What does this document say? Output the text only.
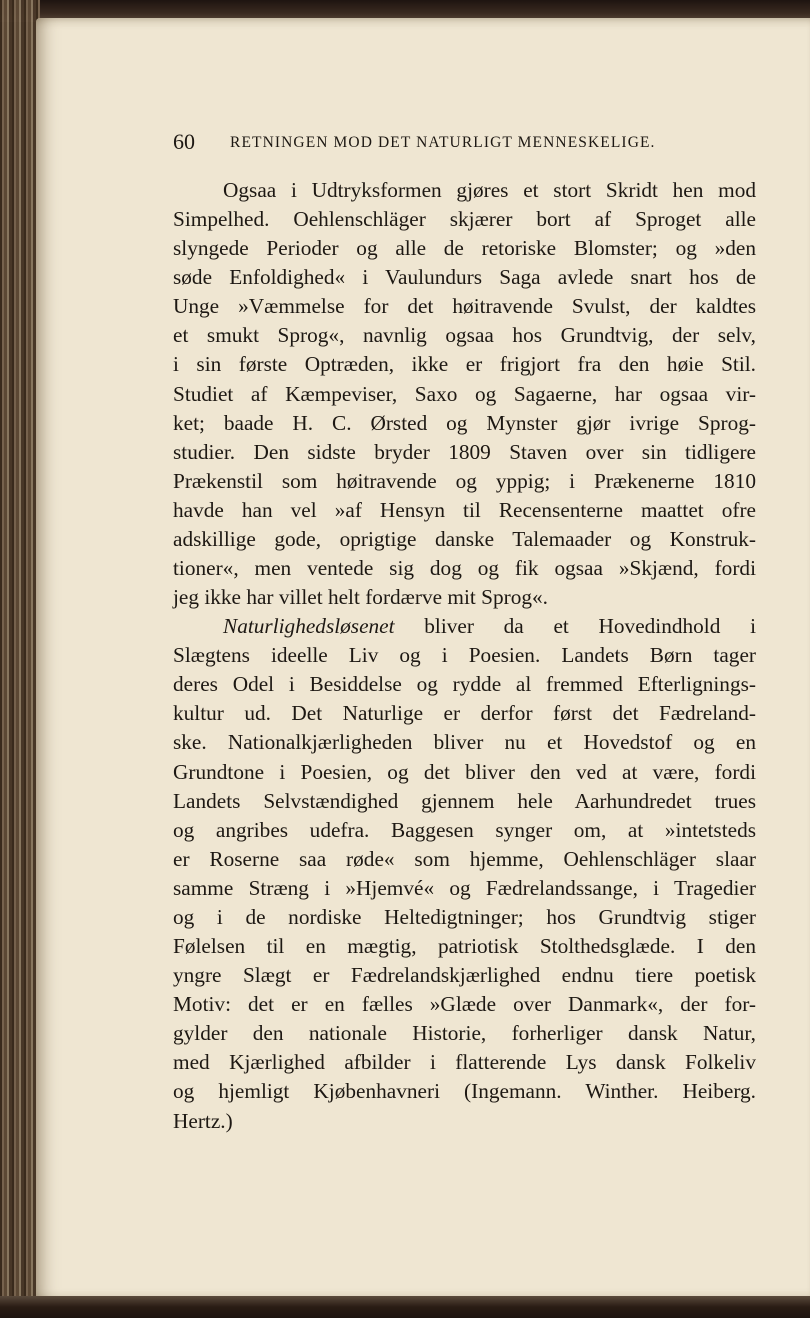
60 RETNINGEN MOD DET NATURLIGT MENNESKELIGE.
Ogsaa i Udtryksformen gjøres et stort Skridt hen mod
Simpelhed. Oehlenschläger skjærer bort af Sproget alle
slyngede Perioder og alle de retoriske Blomster; og »den
søde Enfoldighed« i Vaulundurs Saga avlede snart hos de
Unge »Væmmelse for det høitravende Svulst, der kaldtes
et smukt Sprog«, navnlig ogsaa hos Grundtvig, der selv,
i sin første Optræden, ikke er frigjort fra den høie Stil.
Studiet af Kæmpeviser, Saxo og Sagaerne, har ogsaa vir-
ket; baade H. C. Ørsted og Mynster gjør ivrige Sprog-
studier. Den sidste bryder 1809 Staven over sin tidligere
Prækenstil som høitravende og yppig; i Prækenerne 1810
havde han vel »af Hensyn til Recensenterne maattet ofre
adskillige gode, oprigtige danske Talemaader og Konstruk-
tioner«, men ventede sig dog og fik ogsaa »Skjænd, fordi
jeg ikke har villet helt fordærve mit Sprog«.
Naturlighedsløsenet bliver da et Hovedindhold i
Slægtens ideelle Liv og i Poesien. Landets Børn tager
deres Odel i Besiddelse og rydde al fremmed Efterlignings-
kultur ud. Det Naturlige er derfor først det Fædreland-
ske. Nationalkjærligheden bliver nu et Hovedstof og en
Grundtone i Poesien, og det bliver den ved at være, fordi
Landets Selvstændighed gjennem hele Aarhundredet trues
og angribes udefra. Baggesen synger om, at »intetsteds
er Roserne saa røde« som hjemme, Oehlenschläger slaar
samme Stræng i »Hjemvé« og Fædrelandssange, i Tragedier
og i de nordiske Heltedigtninger; hos Grundtvig stiger
Følelsen til en mægtig, patriotisk Stolthedsglæde. I den
yngre Slægt er Fædrelandskjærlighed endnu tiere poetisk
Motiv: det er en fælles »Glæde over Danmark«, der for-
gylder den nationale Historie, forherliger dansk Natur,
med Kjærlighed afbilder i flatterende Lys dansk Folkeliv
og hjemligt Kjøbenhavneri (Ingemann. Winther. Heiberg.
Hertz.)
